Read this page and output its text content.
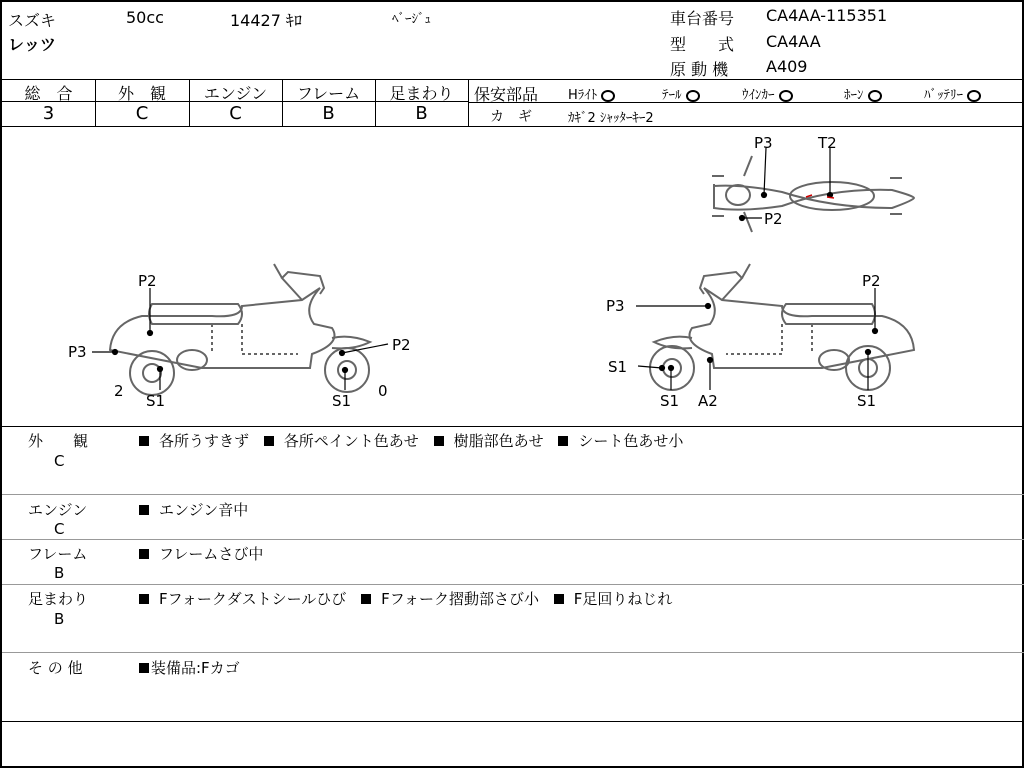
スズキ	50cc	14427 ｷﾛ	ﾍﾞｰｼﾞｭ
レッツ
車台番号 CA4AA-115351
型　　式 CA4AA
原 動 機 A409
総　合	外　観	エンジン	フレーム	足まわり
3	C	C	B	B
保安部品 Hﾗｲﾄ	ﾃｰﾙ	ｳｲﾝｶｰ	ﾎｰﾝ	ﾊﾞｯﾃﾘｰ
カ　ギ	ｶｷﾞ2 ｼｬｯﾀｰｷｰ2
P2
P3	P2
2
S1	S1
0
P3	T2
P2
P3
P2
S1
S1 A2	S1
外　　観
C
各所うすきず 各所ペイント色あせ 樹脂部色あせ シート色あせ小
エンジン
C
エンジン音中
フレーム
B
フレームさび中
足まわり
B
Fフォークダストシールひび Fフォーク摺動部さび小 F足回りねじれ
そ の 他	装備品:Fカゴ
